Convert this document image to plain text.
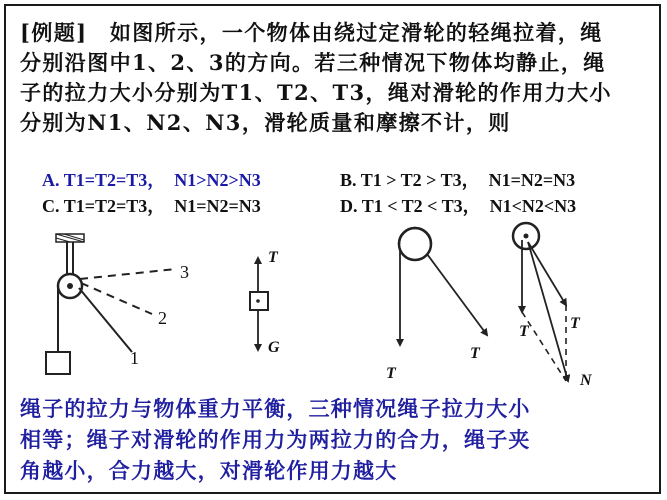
[例题]　如图所示，一个物体由绕过定滑轮的轻绳拉着，绳
分别沿图中1、2、3的方向。若三种情况下物体均静止，绳
子的拉力大小分别为T1、T2、T3，绳对滑轮的作用力大小
分别为N1、N2、N3，滑轮质量和摩擦不计，则
A. T1=T2=T3，　N1>N2>N3	B. T1 > T2 > T3，　N1=N2=N3
C. T1=T2=T3，　N1=N2=N3	D. T1 < T2 < T3，　N1<N2<N3
3
2
1
T
G
T
T
T	T
N
绳子的拉力与物体重力平衡，三种情况绳子拉力大小
相等；绳子对滑轮的作用力为两拉力的合力，绳子夹
角越小，合力越大，对滑轮作用力越大
